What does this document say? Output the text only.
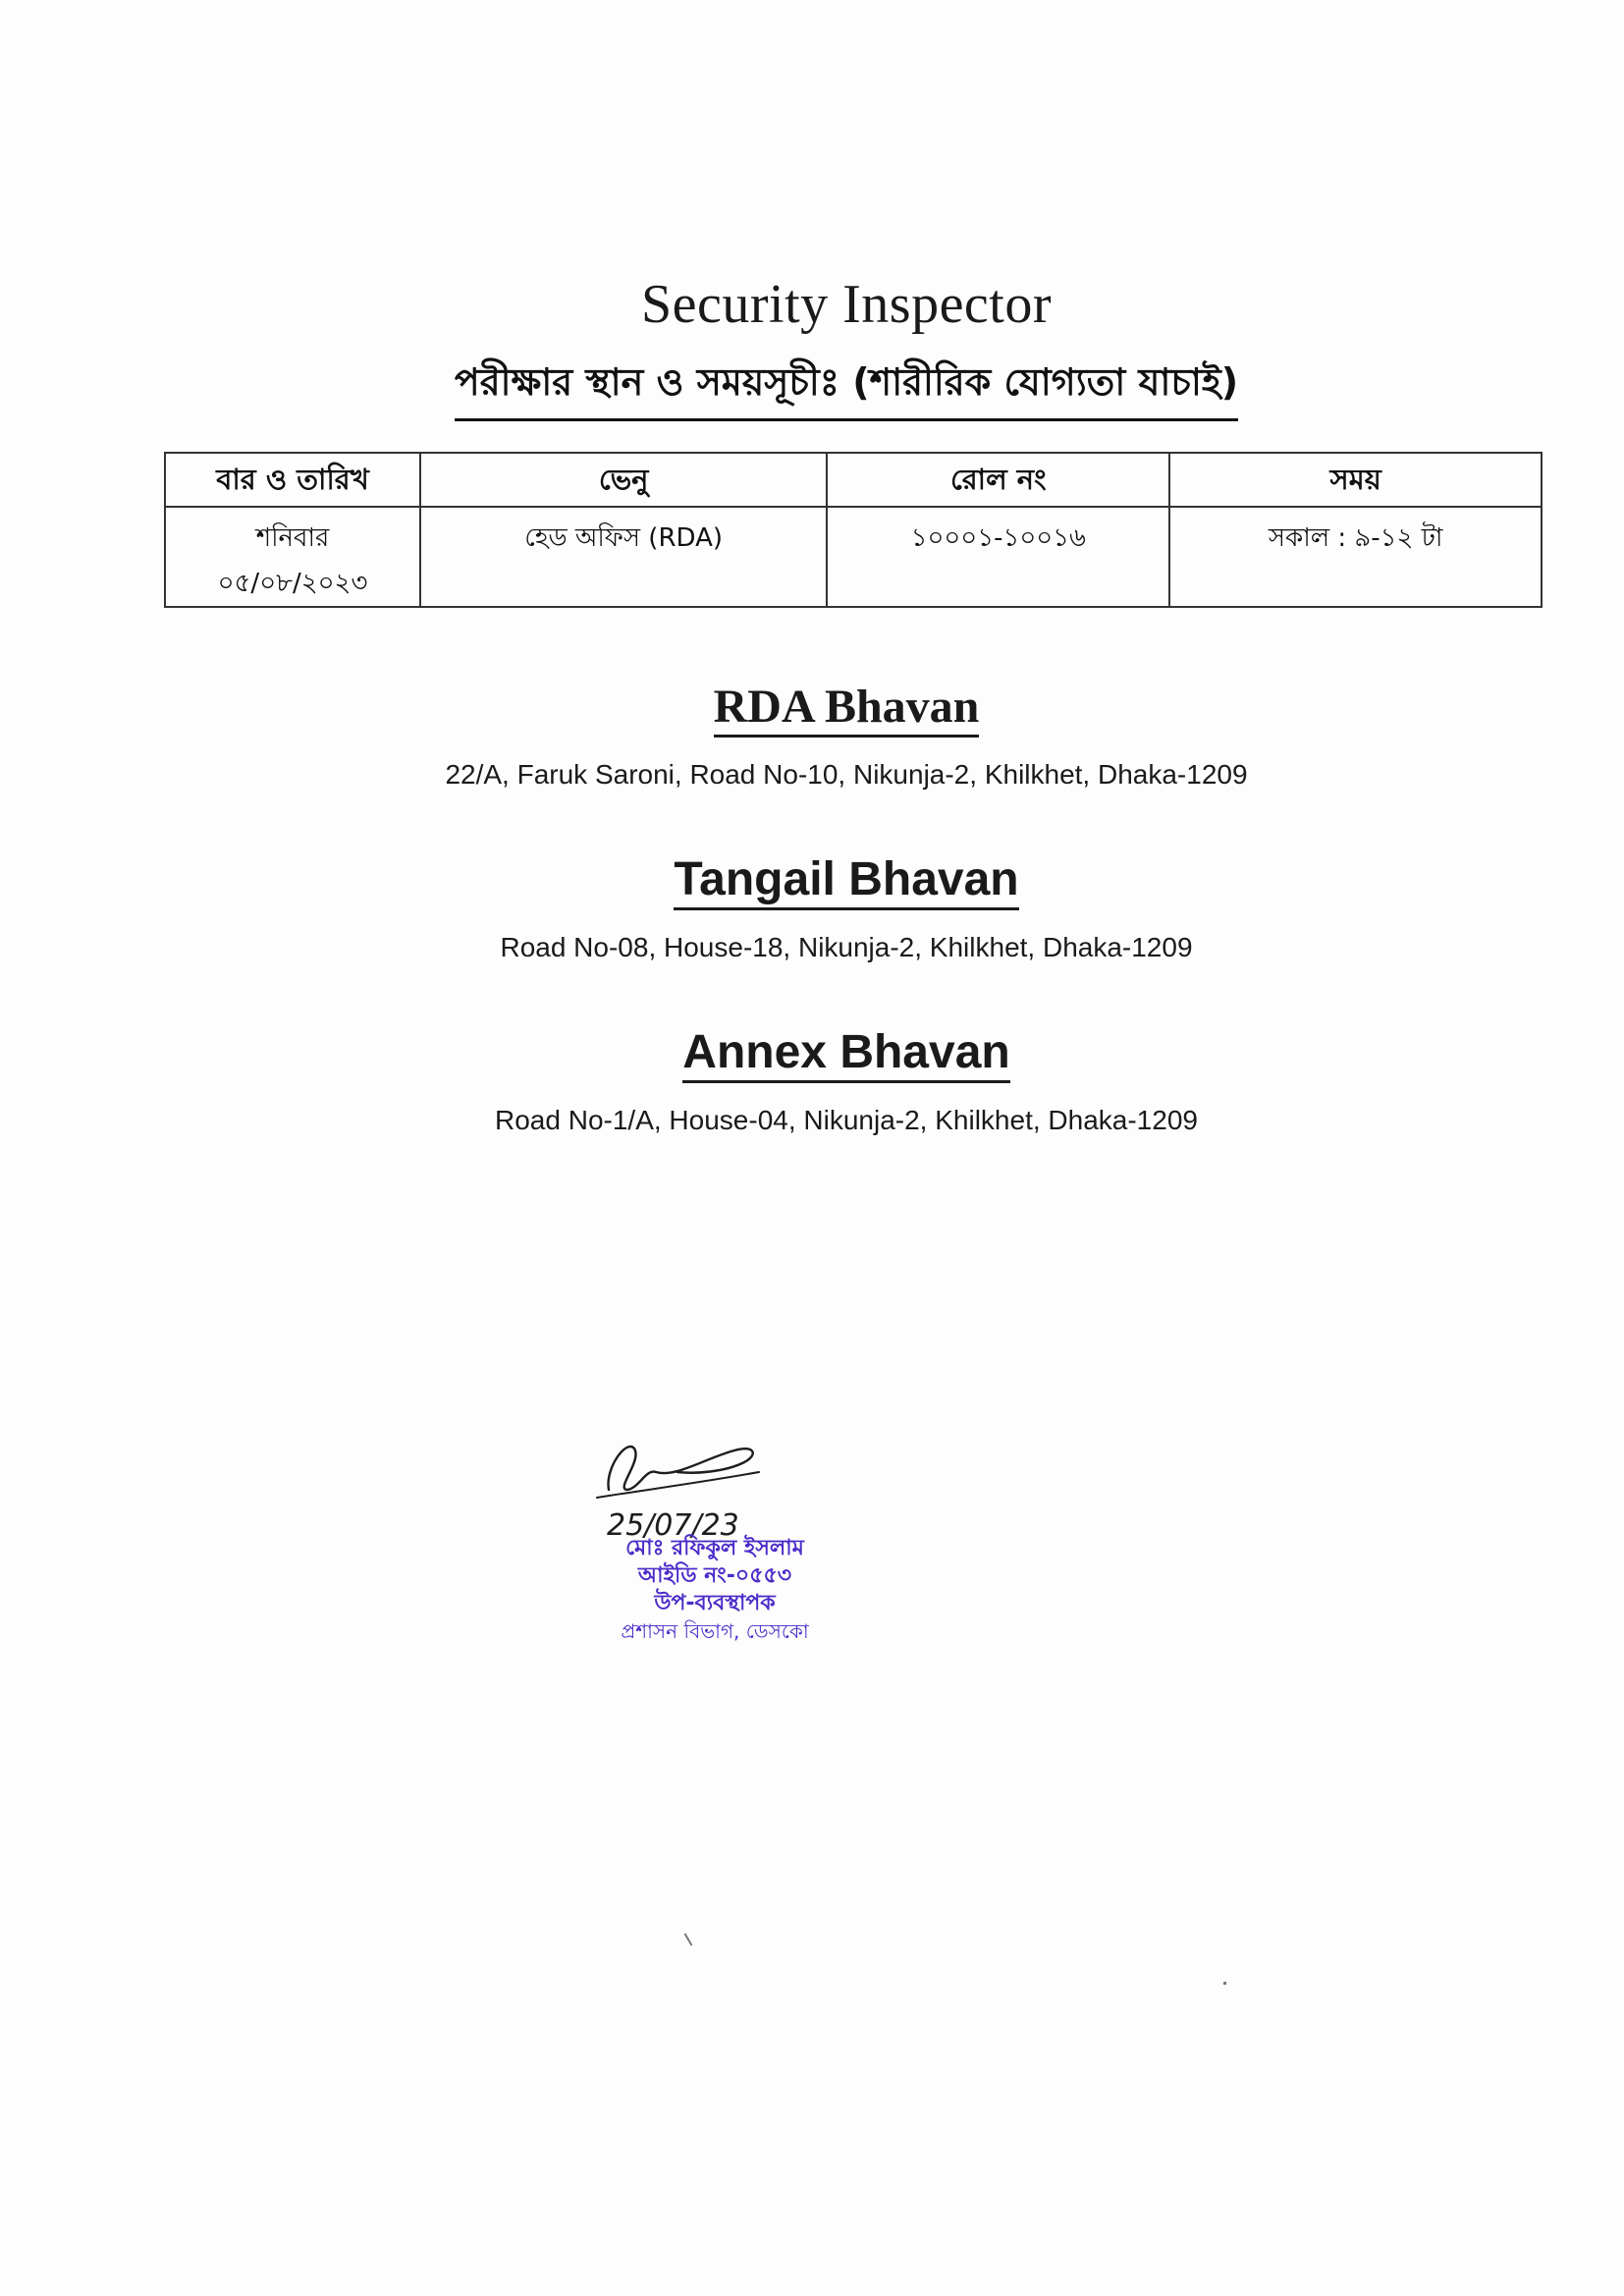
Security Inspector
পরীক্ষার স্থান ও সময়সূচীঃ (শারীরিক যোগ্যতা যাচাই)
বার ও তারিখ	ভেনু	রোল নং	সময়

শনিবার
০৫/০৮/২০২৩	হেড অফিস (RDA)	১০০০১-১০০১৬	সকাল : ৯-১২ টা
RDA Bhavan
22/A, Faruk Saroni, Road No-10, Nikunja-2, Khilkhet, Dhaka-1209
Tangail Bhavan
Road No-08, House-18, Nikunja-2, Khilkhet, Dhaka-1209
Annex Bhavan
Road No-1/A, House-04, Nikunja-2, Khilkhet, Dhaka-1209
25/07/23
মোঃ রফিকুল ইসলাম
আইডি নং-০৫৫৩
উপ-ব্যবস্থাপক
প্রশাসন বিভাগ, ডেসকো
